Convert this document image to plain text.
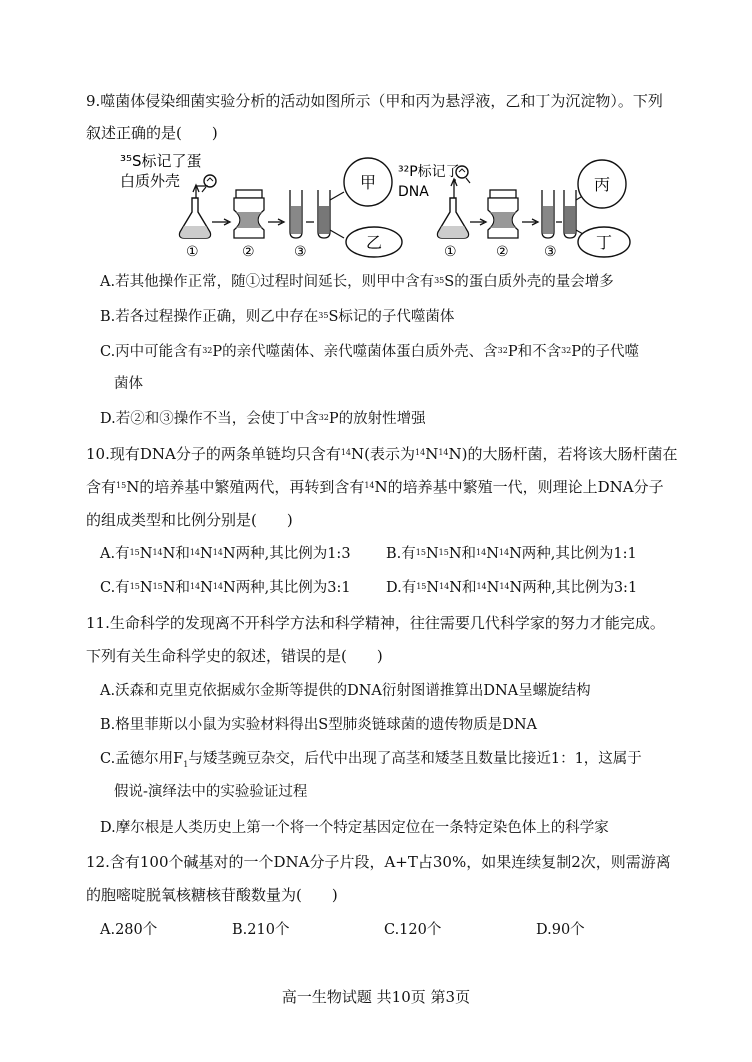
9.噬菌体侵染细菌实验分析的活动如图所示（甲和丙为悬浮液，乙和丁为沉淀物）。下列
叙述正确的是(　　)
³⁵S标记了蛋
白质外壳	甲
乙
①	②	③
³²P标记了
DNA	丙
丁
①	②	③
A.若其他操作正常，随①过程时间延长，则甲中含有$^{35}$S的蛋白质外壳的量会增多
B.若各过程操作正确，则乙中存在$^{35}$S标记的子代噬菌体
C.丙中可能含有$^{32}$P的亲代噬菌体、亲代噬菌体蛋白质外壳、含$^{32}$P和不含$^{32}$P的子代噬
菌体
D.若②和③操作不当，会使丁中含$^{32}$P的放射性增强
10.现有DNA分子的两条单链均只含有$^{14}$N(表示为$^{14}N^{14}N$)的大肠杆菌，若将该大肠杆菌在
含有$^{15}$N的培养基中繁殖两代，再转到含有$^{14}$N的培养基中繁殖一代，则理论上DNA分子
的组成类型和比例分别是(　　)
A.有$^{15}N^{14}N$和$^{14}N^{14}N$两种,其比例为1:3 B.有$^{15}N^{15}N$和$^{14}N^{14}N$两种,其比例为1:1
C.有$^{15}N^{15}N$和$^{14}N^{14}N$两种,其比例为3:1 D.有$^{15}N^{14}N$和$^{14}N^{14}N$两种,其比例为3:1
11.生命科学的发现离不开科学方法和科学精神，往往需要几代科学家的努力才能完成。
下列有关生命科学史的叙述，错误的是(　　)
A.沃森和克里克依据威尔金斯等提供的DNA衍射图谱推算出DNA呈螺旋结构
B.格里菲斯以小鼠为实验材料得出S型肺炎链球菌的遗传物质是DNA
C.孟德尔用$F_1$与矮茎豌豆杂交，后代中出现了高茎和矮茎且数量比接近1：1，这属于
假说-演绎法中的实验验证过程
D.摩尔根是人类历史上第一个将一个特定基因定位在一条特定染色体上的科学家
12.含有100个碱基对的一个DNA分子片段，A+T占30%，如果连续复制2次，则需游离
的胞嘧啶脱氧核糖核苷酸数量为(　　)
A.280个	B.210个	C.120个	D.90个
高一生物试题 共10页 第3页
